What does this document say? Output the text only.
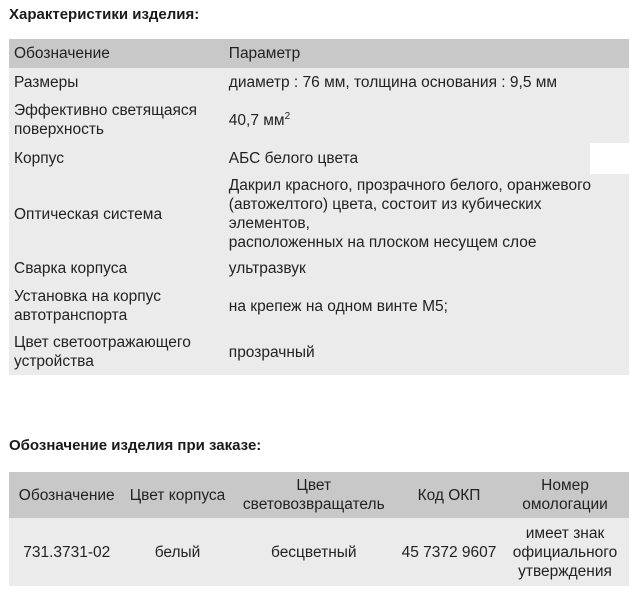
Характеристики изделия:
Обозначение	Параметр
Размеры	диаметр : 76 мм, толщина основания : 9,5 мм
Эффективно светящаяся поверхность	40,7 $мм^2$
Корпус	АБС белого цвета
Оптическая система	Дакрил красного, прозрачного белого, оранжевого
(автожелтого) цвета, состоит из кубических
элементов,
расположенных на плоском несущем слое

Сварка корпуса	ультразвук
Установка на корпус автотранспорта	на крепеж на одном винте М5;
Цвет светоотражающего устройства	прозрачный
Обозначение изделия при заказе:
Обозначение	Цвет корпуса	Цвет световозвращатель	Код ОКП	Номер омологации
731.3731-02	белый	бесцветный	45 7372 9607	имеет знак официального утверждения
